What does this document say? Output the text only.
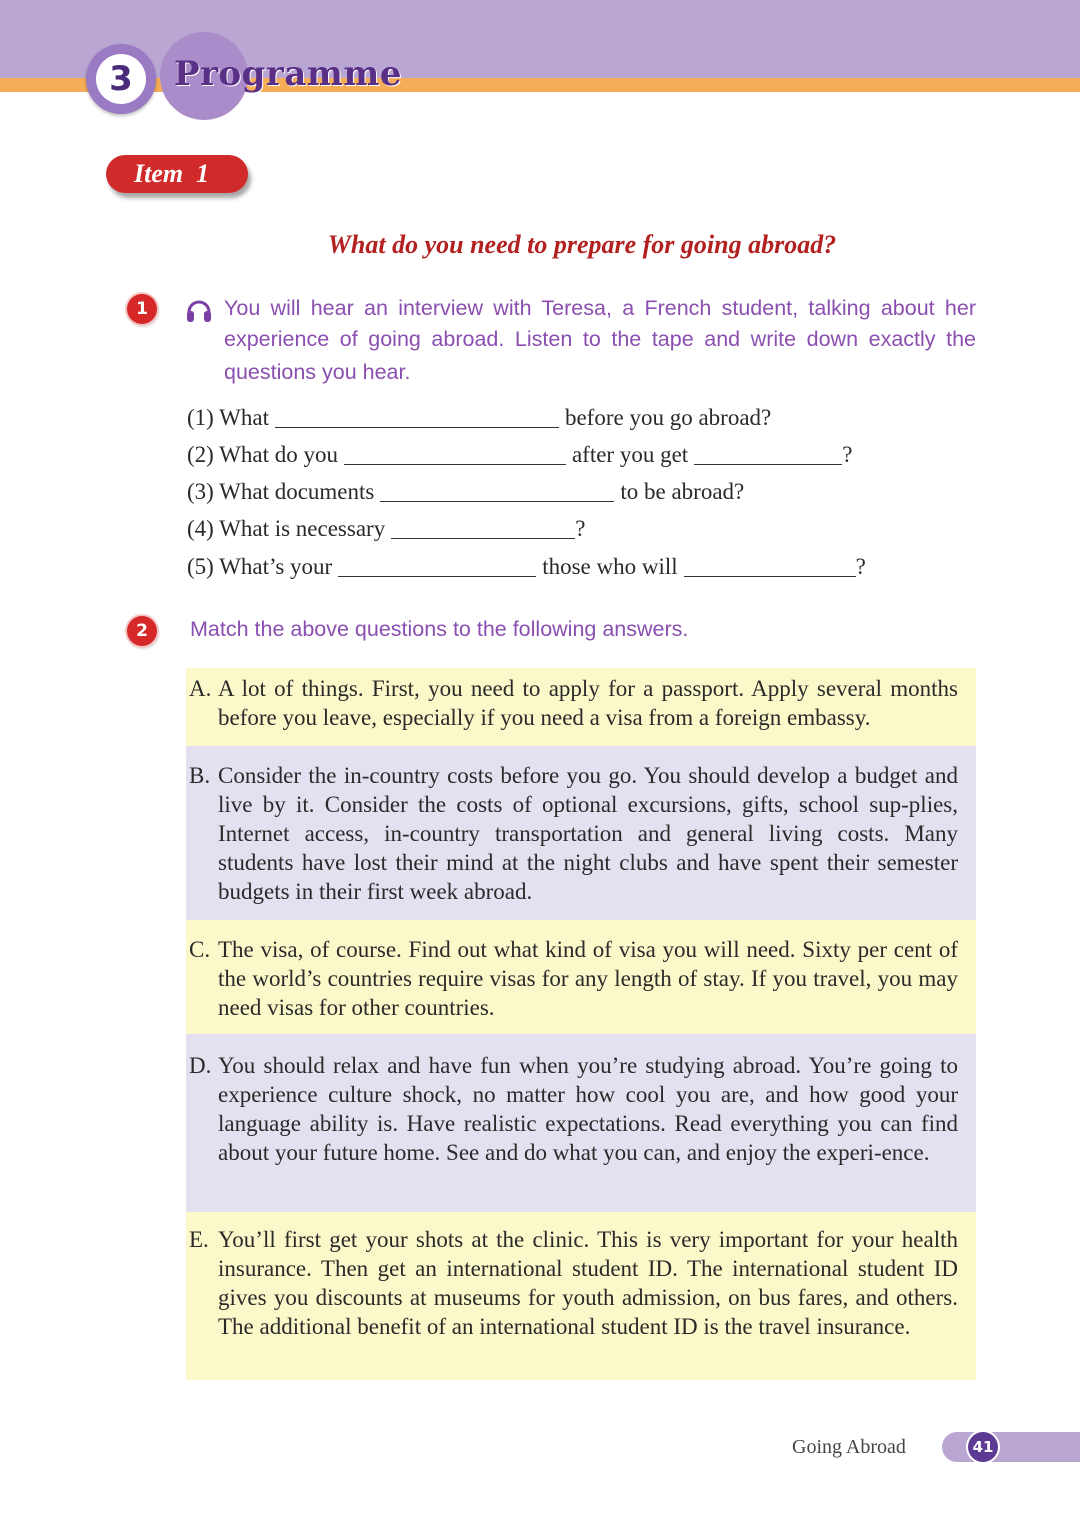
3	Programme
Item  1
What do you need to prepare for going abroad?
1	You will hear an interview with Teresa, a French student, talking about her
experience of going abroad. Listen to the tape and write down exactly the
questions you hear.
(1) What	before you go abroad?
(2) What do you	after you get	?
(3) What documents	to be abroad?
(4) What is necessary	?
(5) What’s your	those who will	?
2	Match the above questions to the following answers.
A. A lot of things. First, you need to apply for a passport. Apply several months before you leave, especially if you need a visa from a foreign embassy.
B. Consider the in-country costs before you go. You should develop a budget and live by it. Consider the costs of optional excursions, gifts, school sup-plies, Internet access, in-country transportation and general living costs. Many students have lost their mind at the night clubs and have spent their semester budgets in their first week abroad.
C. The visa, of course. Find out what kind of visa you will need. Sixty per cent of the world’s countries require visas for any length of stay. If you travel, you may need visas for other countries.
D. You should relax and have fun when you’re studying abroad. You’re going to experience culture shock, no matter how cool you are, and how good your language ability is. Have realistic expectations. Read everything you can find about your future home. See and do what you can, and enjoy the experi-ence.
E. You’ll first get your shots at the clinic. This is very important for your health insurance. Then get an international student ID. The international student ID gives you discounts at museums for youth admission, on bus fares, and others. The additional benefit of an international student ID is the travel insurance.
Going Abroad	41
